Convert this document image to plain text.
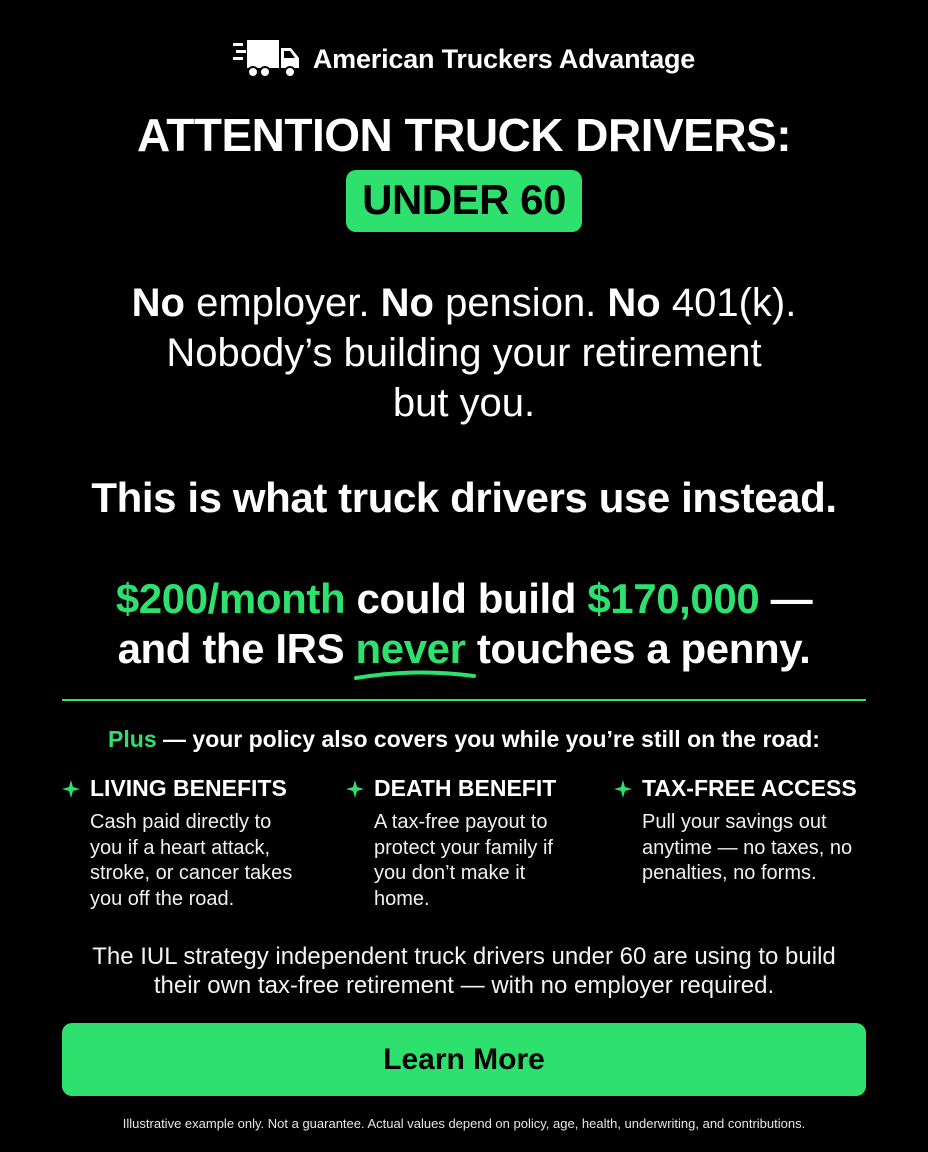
American Truckers Advantage
ATTENTION TRUCK DRIVERS:
UNDER 60
No employer. No pension. No 401(k).
Nobody’s building your retirement
but you.
This is what truck drivers use instead.
$200/month could build $170,000 —
and the IRS never
touches a penny.
Plus — your policy also covers you while you’re still on the road:
LIVING BENEFITS
Cash paid directly to
you if a heart attack,
stroke, or cancer takes
you off the road.
DEATH BENEFIT
A tax-free payout to
protect your family if
you don’t make it
home.
TAX-FREE ACCESS
Pull your savings out
anytime — no taxes, no
penalties, no forms.
The IUL strategy independent truck drivers under 60 are using to build
their own tax-free retirement — with no employer required.
Learn More
Illustrative example only. Not a guarantee. Actual values depend on policy, age, health, underwriting, and contributions.
